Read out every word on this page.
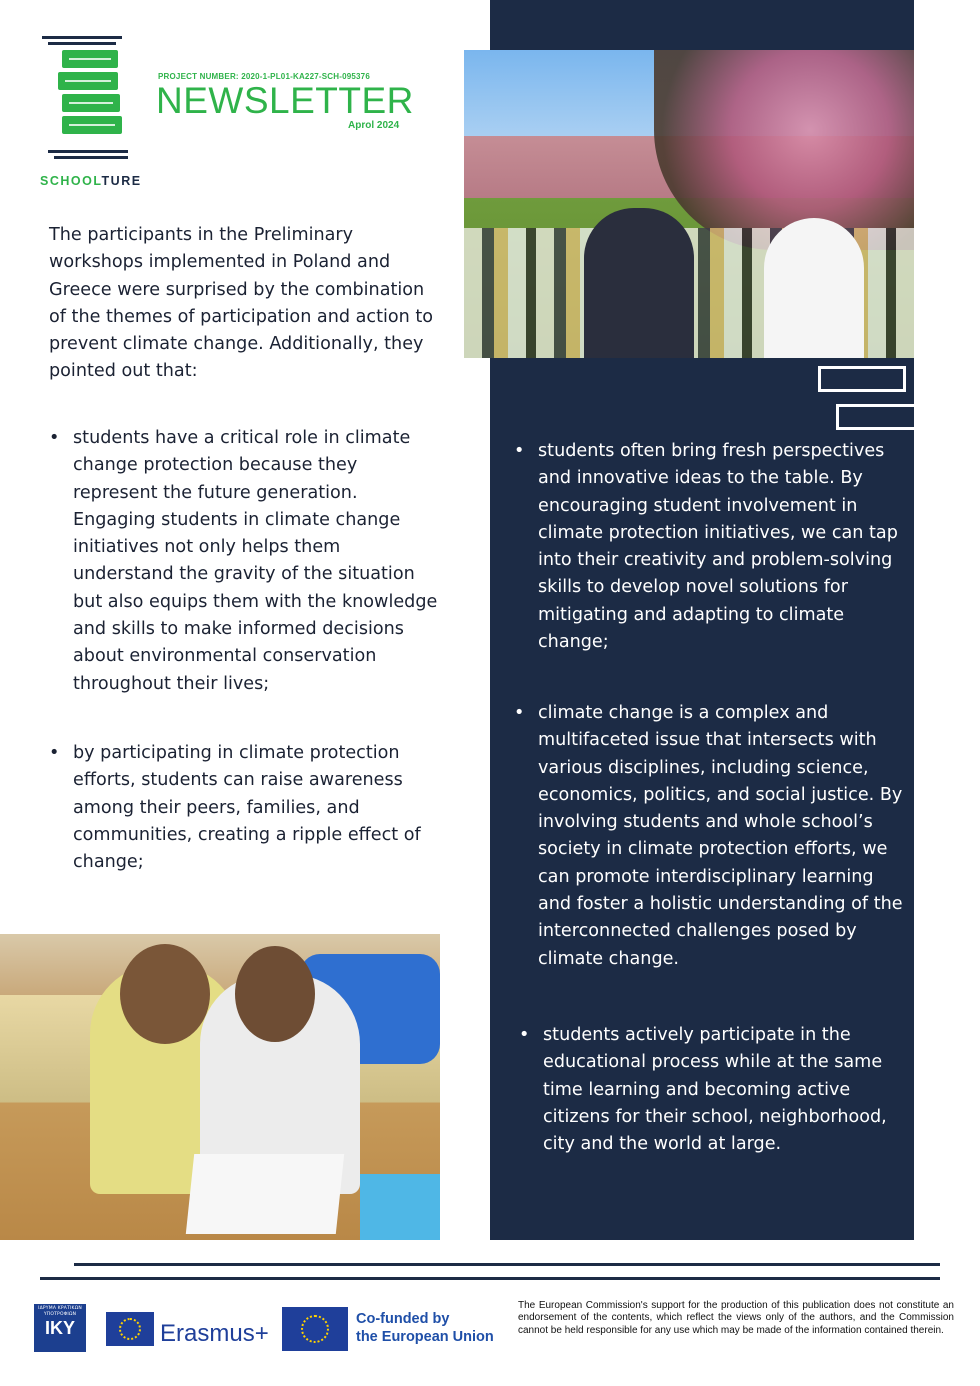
SCHOOLTURE
PROJECT NUMBER: 2020-1-PL01-KA227-SCH-095376
NEWSLETTER
Aprol 2024

The participants in the Preliminary workshops implemented in Poland and Greece were surprised by the combination of the themes of participation and action to prevent climate change. Additionally, they pointed out that:

• students have a critical role in climate change protection because they represent the future generation. Engaging students in climate change initiatives not only helps them understand the gravity of the situation but also equips them with the knowledge and skills to make informed decisions about environmental conservation throughout their lives;
• by participating in climate protection efforts, students can raise awareness among their peers, families, and communities, creating a ripple effect of change;
• students often bring fresh perspectives and innovative ideas to the table. By encouraging student involvement in climate protection initiatives, we can tap into their creativity and problem-solving skills to develop novel solutions for mitigating and adapting to climate change;
• climate change is a complex and multifaceted issue that intersects with various disciplines, including science, economics, politics, and social justice. By involving students and whole school’s society in climate protection efforts, we can promote interdisciplinary learning and foster a holistic understanding of the interconnected challenges posed by climate change.
• students actively participate in the educational process while at the same time learning and becoming active citizens for their school, neighborhood, city and the world at large.
ΙΔΡΥΜΑ ΚΡΑΤΙΚΩΝ ΥΠΟΤΡΟΦΙΩΝ
IKY	Erasmus+
Co-funded by
the European Union

The European Commission's support for the production of this publication does not constitute an endorsement of the contents, which reflect the views only of the authors, and the Commission cannot be held responsible for any use which may be made of the information contained therein.
